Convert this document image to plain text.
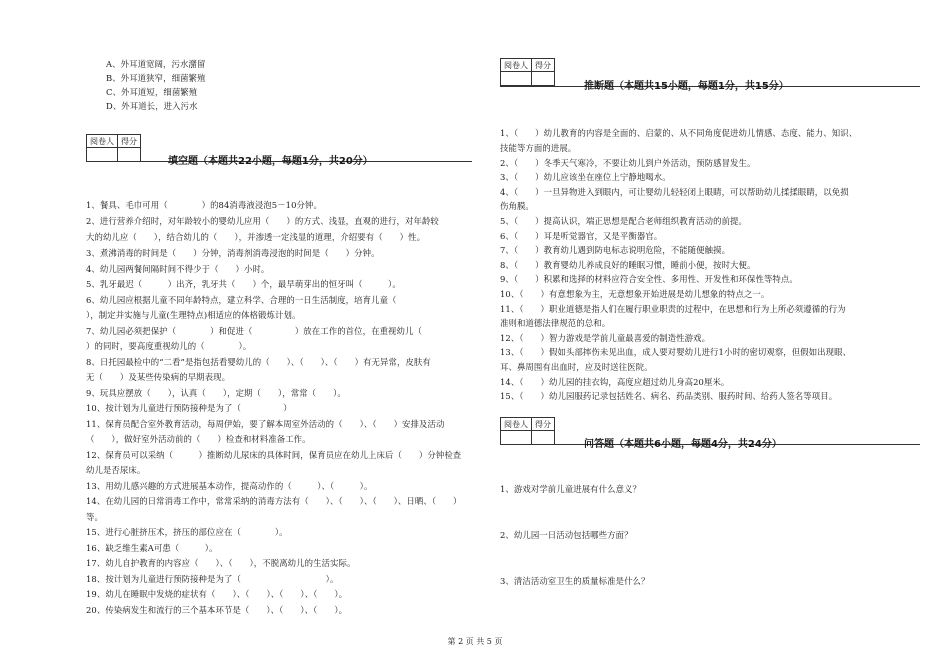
A、外耳道宽阔，污水潴留
B、外耳道狭窄，细菌繁殖
C、外耳道短，细菌繁殖
D、外耳道长，进入污水
阅卷人	得分

填空题（本题共22小题，每题1分，共20分）
1、餐具、毛巾可用（　　　　）的84消毒液浸泡5－10分钟。
2、进行营养介绍时，对年龄较小的婴幼儿应用（　　）的方式、浅显，直观的进行，对年龄较
大的幼儿应（　　），结合幼儿的（　　），并渗透一定浅显的道理，介绍要有（　　）性。
3、煮沸消毒的时间是（　　）分钟，消毒剂消毒浸泡的时间是（　　）分钟。
4、幼儿园两餐间隔时间不得少于（　　）小时。
5、乳牙最迟（　　　）出齐，乳牙共（　　）个，最早萌芽出的恒牙叫（　　　）。
6、幼儿园应根据儿童不同年龄特点，建立科学、合理的一日生活制度，培育儿童（　　　
），制定并实施与儿童(生理特点)相适应的体格锻炼计划。
7、幼儿园必须把保护（　　　　）和促进（　　　　　）放在工作的首位，在重视幼儿（
）的同时，要高度重视幼儿的（　　　　）。
8、日托园最检中的“二看”是指包括看婴幼儿的（　　）、（　　）、（　　）有无异常，皮肤有
无（　　）及某些传染病的早期表现。
9、玩具应摆放（　　），认真（　　），定期（　　），常常（　　）。
10、按计划为儿童进行预防接种是为了（　　　　　）
11、保育员配合室外教育活动，每周伊始，要了解本周室外活动的（　　）、（　　）安排及活动
（　　），做好室外活动前的（　　）检查和材料准备工作。
12、保育员可以采纳（　　　）推断幼儿尿床的具体时间，保育员应在幼儿上床后（　　）分钟检查
幼儿是否尿床。
13、用幼儿感兴趣的方式进展基本动作，提高动作的（　　　）、（　　　）。
14、在幼儿园的日常消毒工作中，常常采纳的消毒方法有（　　）、（　　）、（　　）、日晒、（　　）
等。
15、进行心脏挤压术，挤压的部位应在（　　　　）。
16、缺乏维生素A可患（　　　）。
17、幼儿自护教育的内容应（　　）、（　　），不脱离幼儿的生活实际。
18、按计划为儿童进行预防接种是为了（　　　　　　　　　　）。
19、幼儿在睡眠中发烧的症状有（　　）、（　　）、（　　）、（　　）。
20、传染病发生和流行的三个基本环节是（　　）、（　　）、（　　）。
阅卷人	得分

推断题（本题共15小题，每题1分，共15分）
1、（　　）幼儿教育的内容是全面的、启蒙的、从不同角度促进幼儿情感、态度、能力、知识、
技能等方面的进展。
2、（　　）冬季天气寒冷，不要让幼儿到户外活动，预防感冒发生。
3、（　　）幼儿应该坐在座位上宁静地喝水。
4、（　　）一旦异物进入到眼内，可让婴幼儿轻轻闭上眼睛，可以帮助幼儿揉揉眼睛，以免损
伤角膜。
5、（　　）提高认识，端正思想是配合老师组织教育活动的前提。
6、（　　）耳是听觉器官，又是平衡器官。
7、（　　）教育幼儿遇到防电标志说明危险，不能随便触摸。
8、（　　）教育婴幼儿养成良好的睡眠习惯，睡前小便，按时大便。
9、（　　）积累和选择的材料应符合安全性、多用性、开发性和环保性等特点。
10、（　　）有意想象为主，无意想象开始进展是幼儿想象的特点之一。
11、（　　）职业道德是指人们在履行职业职责的过程中，在思想和行为上所必须遵循的行为
准则和道德法律规范的总和。
12、（　　）智力游戏是学前儿童最喜爱的制造性游戏。
13、（　　）假如头部摔伤未见出血，成人要对婴幼儿进行1小时的密切观察，但假如出现眼、
耳、鼻周围有出血时，应及时送往医院。
14、（　　）幼儿园的挂衣钩，高度应超过幼儿身高20厘米。
15、（　　）幼儿园服药记录包括姓名、病名、药品类别、服药时间、给药人签名等项目。
阅卷人	得分

问答题（本题共6小题，每题4分，共24分）
1、游戏对学前儿童进展有什么意义？
2、幼儿园一日活动包括哪些方面？
3、清洁活动室卫生的质量标准是什么？
第 2 页 共 5 页
